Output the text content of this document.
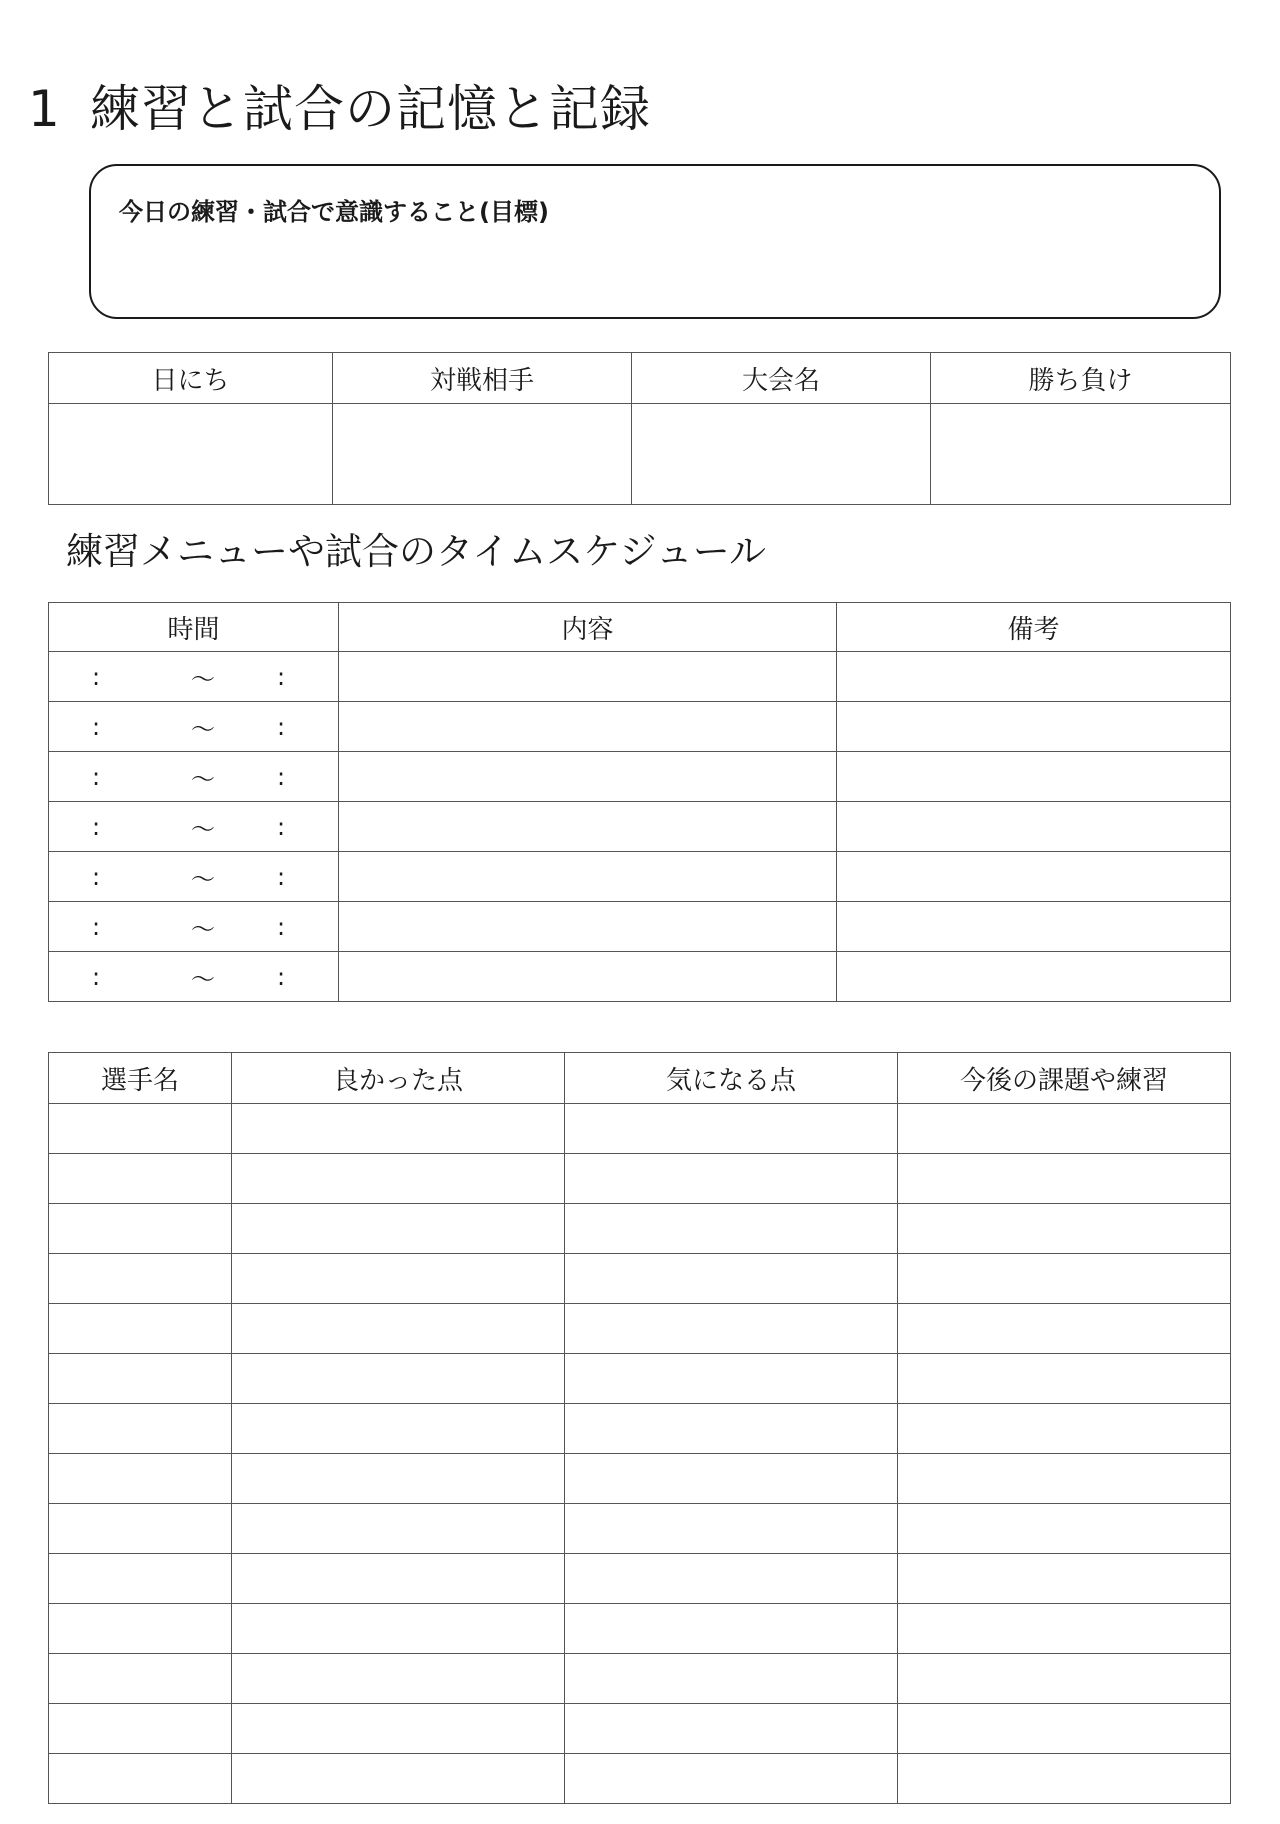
1 練習と試合の記憶と記録
今日の練習・試合で意識すること(目標)
日にち	対戦相手	大会名	勝ち負け

練習メニューや試合のタイムスケジュール
時間	内容	備考

: ～ :		

: ～ :		

: ～ :		

: ～ :		

: ～ :		

: ～ :		

: ～ :		

選手名	良かった点	気になる点	今後の課題や練習
